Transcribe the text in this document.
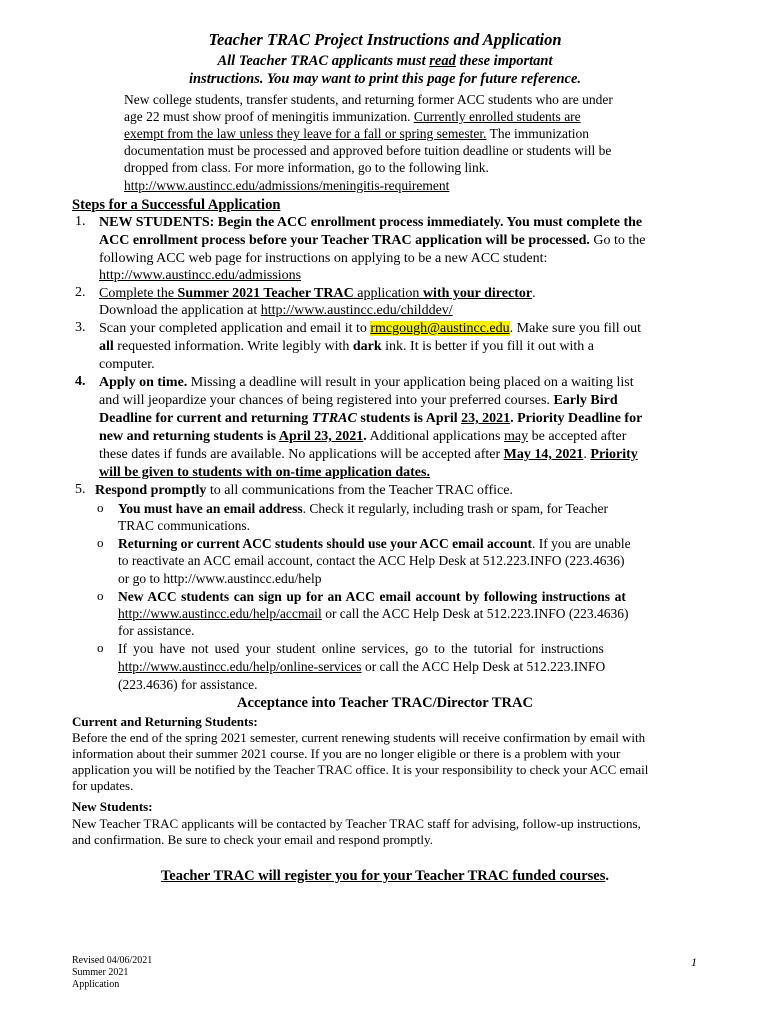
Teacher TRAC Project Instructions and Application
All Teacher TRAC applicants must read these important
instructions. You may want to print this page for future reference.
New college students, transfer students, and returning former ACC students who are under
age 22 must show proof of meningitis immunization. Currently enrolled students are
exempt from the law unless they leave for a fall or spring semester. The immunization
documentation must be processed and approved before tuition deadline or students will be
dropped from class. For more information, go to the following link.
http://www.austincc.edu/admissions/meningitis-requirement
Steps for a Successful Application
1. NEW STUDENTS: Begin the ACC enrollment process immediately. You must complete the
ACC enrollment process before your Teacher TRAC application will be processed. Go to the
following ACC web page for instructions on applying to be a new ACC student:
http://www.austincc.edu/admissions
2. Complete the Summer 2021 Teacher TRAC application with your director.
Download the application at http://www.austincc.edu/childdev/
3. Scan your completed application and email it to rmcgough@austincc.edu. Make sure you fill out
all requested information. Write legibly with dark ink. It is better if you fill it out with a
computer.
4. Apply on time. Missing a deadline will result in your application being placed on a waiting list
and will jeopardize your chances of being registered into your preferred courses. Early Bird
Deadline for current and returning TTRAC students is April 23, 2021. Priority Deadline for
new and returning students is April 23, 2021. Additional applications may be accepted after
these dates if funds are available. No applications will be accepted after May 14, 2021. Priority
will be given to students with on-time application dates.
5. Respond promptly to all communications from the Teacher TRAC office.
o You must have an email address. Check it regularly, including trash or spam, for Teacher
TRAC communications.
o Returning or current ACC students should use your ACC email account. If you are unable
to reactivate an ACC email account, contact the ACC Help Desk at 512.223.INFO (223.4636)
or go to http://www.austincc.edu/help
o New ACC students can sign up for an ACC email account by following instructions at
http://www.austincc.edu/help/accmail or call the ACC Help Desk at 512.223.INFO (223.4636)
for assistance.
o If you have not used your student online services, go to the tutorial for instructions
http://www.austincc.edu/help/online-services or call the ACC Help Desk at 512.223.INFO
(223.4636) for assistance.
Acceptance into Teacher TRAC/Director TRAC
Current and Returning Students:
Before the end of the spring 2021 semester, current renewing students will receive confirmation by email with
information about their summer 2021 course. If you are no longer eligible or there is a problem with your
application you will be notified by the Teacher TRAC office. It is your responsibility to check your ACC email
for updates.
New Students:
New Teacher TRAC applicants will be contacted by Teacher TRAC staff for advising, follow-up instructions,
and confirmation. Be sure to check your email and respond promptly.
Teacher TRAC will register you for your Teacher TRAC funded courses.
Revised 04/06/2021
Summer 2021
Application
1
